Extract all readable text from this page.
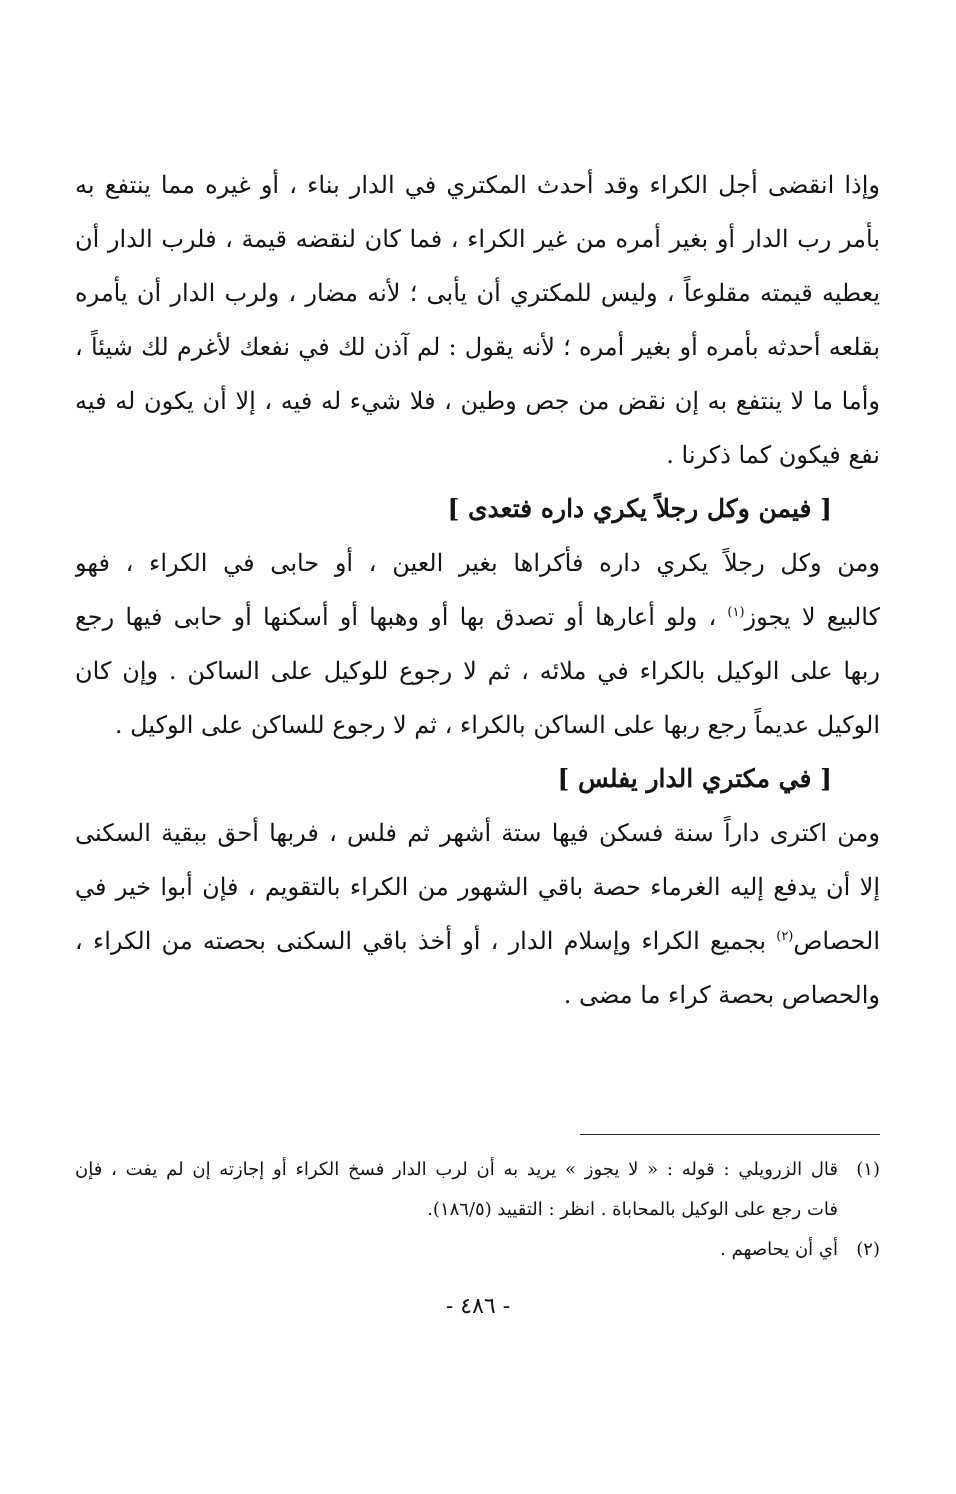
وإذا انقضى أجل الكراء وقد أحدث المكتري في الدار بناء ، أو غيره مما ينتفع به
بأمر رب الدار أو بغير أمره من غير الكراء ، فما كان لنقضه قيمة ، فلرب الدار أن
يعطيه قيمته مقلوعاً ، وليس للمكتري أن يأبى ؛ لأنه مضار ، ولرب الدار أن يأمره
بقلعه أحدثه بأمره أو بغير أمره ؛ لأنه يقول : لم آذن لك في نفعك لأغرم لك شيئاً ،
وأما ما لا ينتفع به إن نقض من جص وطين ، فلا شيء له فيه ، إلا أن يكون له فيه
نفع فيكون كما ذكرنا .
[ فيمن وكل رجلاً يكري داره فتعدى ]
ومن وكل رجلاً يكري داره فأكراها بغير العين ، أو حابى في الكراء ، فهو
كالبيع لا يجوز$^{(١)}$ ، ولو أعارها أو تصدق بها أو وهبها أو أسكنها أو حابى فيها رجع
ربها على الوكيل بالكراء في ملائه ، ثم لا رجوع للوكيل على الساكن . وإن كان
الوكيل عديماً رجع ربها على الساكن بالكراء ، ثم لا رجوع للساكن على الوكيل .
[ في مكتري الدار يفلس ]
ومن اكترى داراً سنة فسكن فيها ستة أشهر ثم فلس ، فربها أحق ببقية السكنى
إلا أن يدفع إليه الغرماء حصة باقي الشهور من الكراء بالتقويم ، فإن أبوا خير في
الحصاص$^{(٢)}$ بجميع الكراء وإسلام الدار ، أو أخذ باقي السكنى بحصته من الكراء ،
والحصاص بحصة كراء ما مضى .
(١)قال الزرويلي : قوله : « لا يجوز » يريد به أن لرب الدار فسخ الكراء أو إجازته إن لم يفت ، فإن
فات رجع على الوكيل بالمحاباة . انظر : التقييد (١٨٦/٥).
(٢)أي أن يحاصهم .
- ٤٨٦ -
